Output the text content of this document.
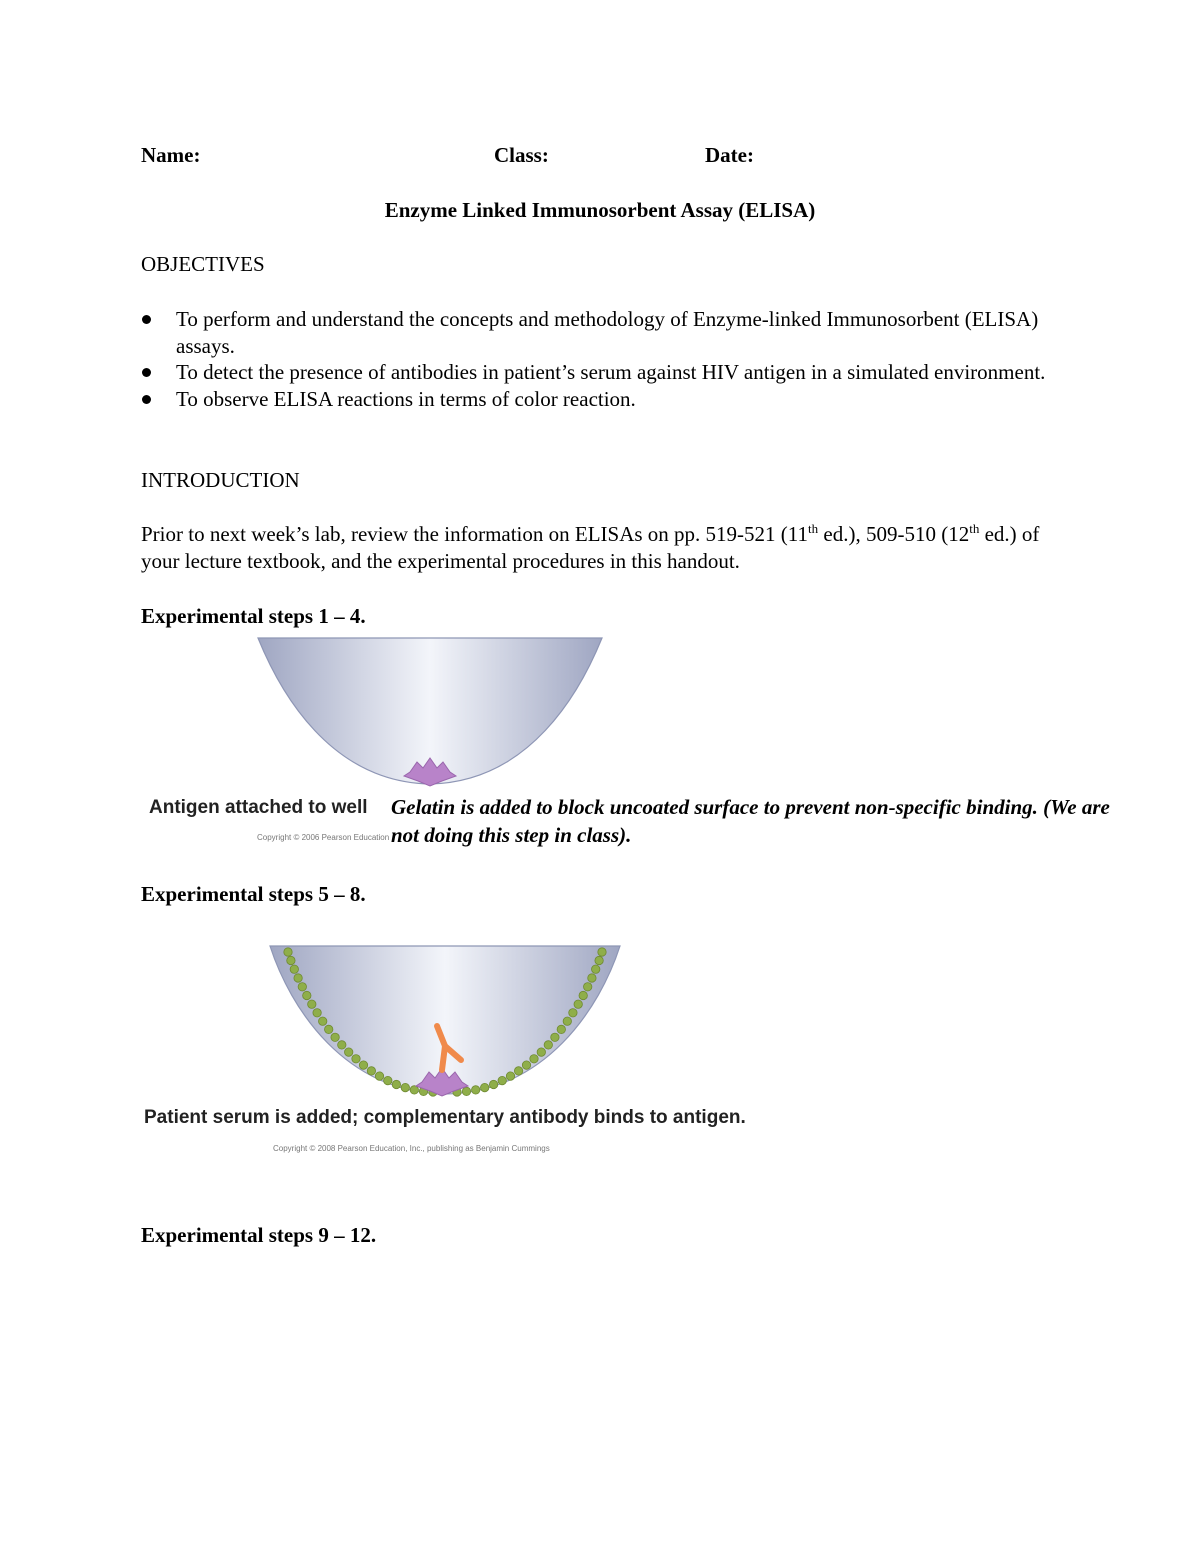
Name:	Class:	Date:
Enzyme Linked Immunosorbent Assay (ELISA)
OBJECTIVES
To perform and understand the concepts and methodology of Enzyme-linked Immunosorbent (ELISA) assays.
To detect the presence of antibodies in patient’s serum against HIV antigen in a simulated environment.
To observe ELISA reactions in terms of color reaction.
INTRODUCTION
Prior to next week’s lab, review the information on ELISAs on pp. 519-521 (11th ed.), 509-510 (12th ed.) of your lecture textbook, and the experimental procedures in this handout.
Experimental steps 1 – 4.
Antigen attached to well
Copyright © 2006 Pearson Education
Gelatin is added to block uncoated surface to prevent non-specific binding. (We are not doing this step in class).
Experimental steps 5 – 8.
Patient serum is added; complementary antibody binds to antigen.
Copyright © 2008 Pearson Education, Inc., publishing as Benjamin Cummings
Experimental steps 9 – 12.
